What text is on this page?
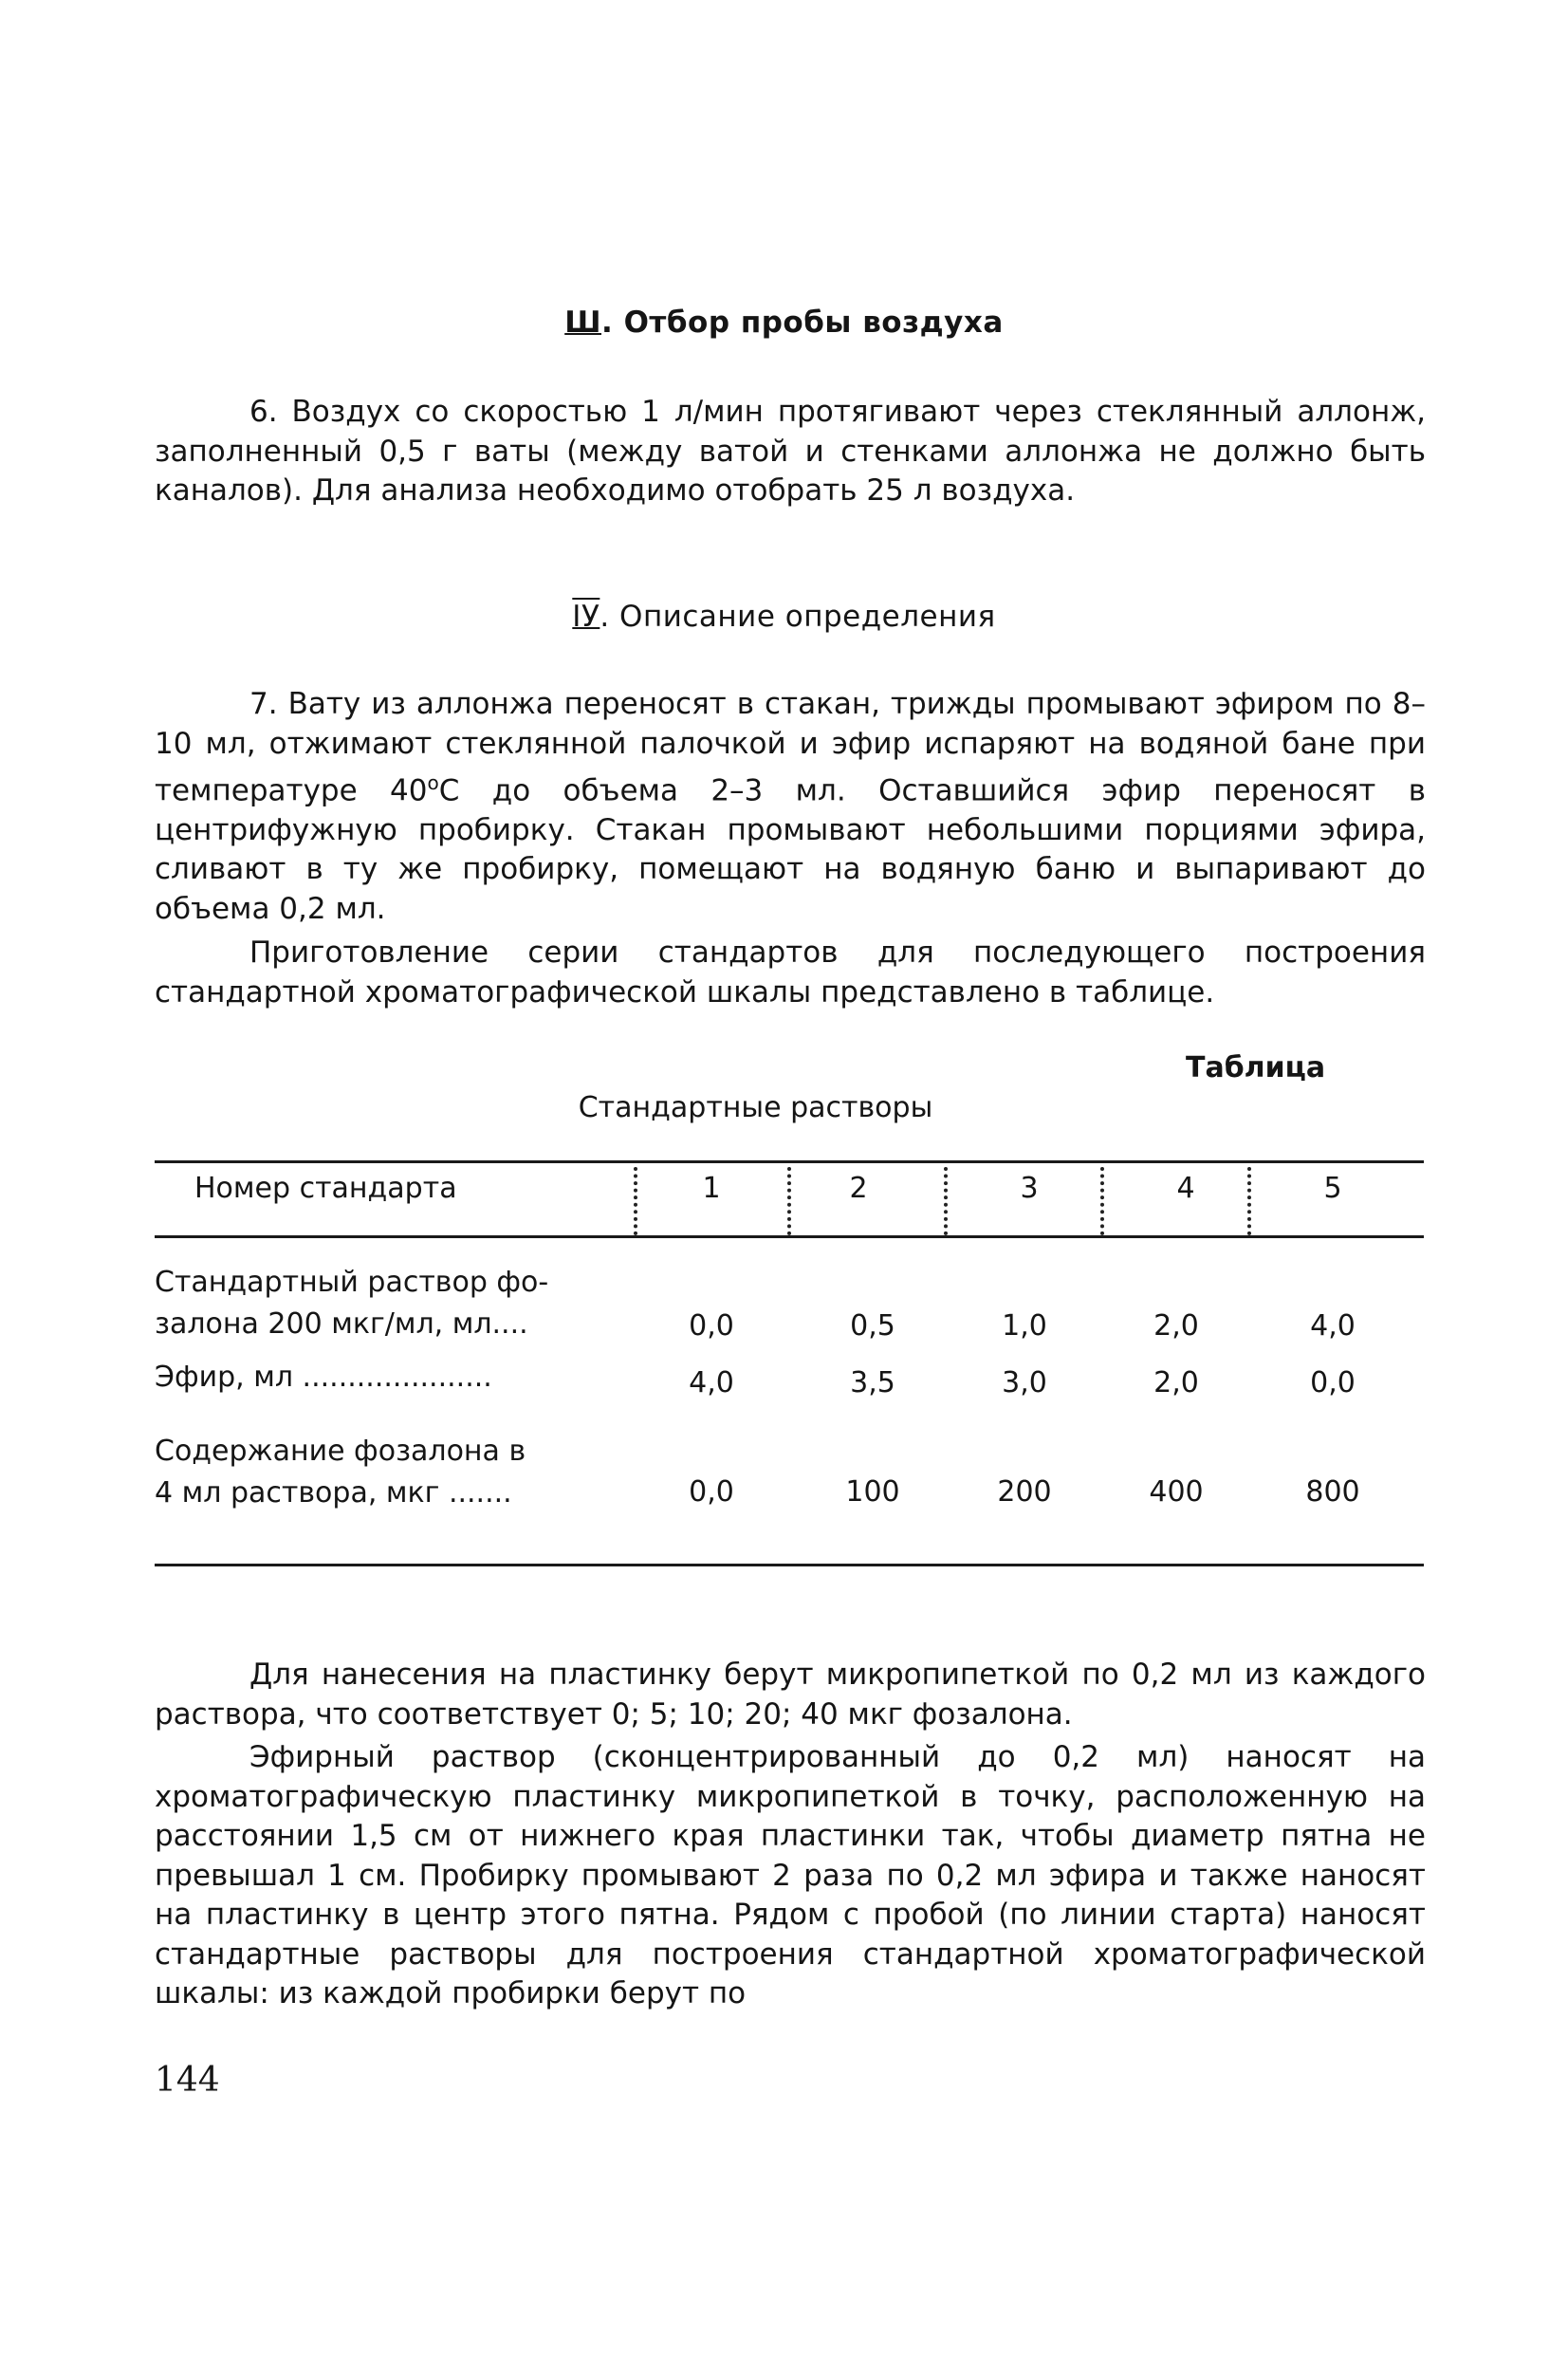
Ш. Отбор пробы воздуха
6. Воздух со скоростью 1 л/мин протягивают через стеклянный аллонж, заполненный 0,5 г ваты (между ватой и стенками аллонжа не должно быть каналов). Для анализа необходимо отобрать 25 л воздуха.
IУ. Описание определения
7. Вату из аллонжа переносят в стакан, трижды промывают эфиром по 8–10 мл, отжимают стеклянной палочкой и эфир испаряют на водяной бане при температуре $40^оС$ до объема 2–3 мл. Оставшийся эфир переносят в центрифужную пробирку. Стакан промывают небольшими порциями эфира, сливают в ту же пробирку, помещают на водяную баню и выпаривают до объема 0,2 мл.
Приготовление серии стандартов для последующего построения стандартной хроматографической шкалы представлено в таблице.
Таблица
Стандартные растворы
Номер стандарта	1	2	3	4	5
Стандартный раствор фо-
залона 200 мкг/мл, мл....	0,0	0,5	1,0	2,0	4,0
Эфир, мл .....................	4,0	3,5	3,0	2,0	0,0
Содержание фозалона в
4 мл раствора, мкг .......	0,0	100	200	400	800
Для нанесения на пластинку берут микропипеткой по 0,2 мл из каждого раствора, что соответствует 0; 5; 10; 20; 40 мкг фозалона.
Эфирный раствор (сконцентрированный до 0,2 мл) наносят на хроматографическую пластинку микропипеткой в точку, расположенную на расстоянии 1,5 см от нижнего края пластинки так, чтобы диаметр пятна не превышал 1 см. Пробирку промывают 2 раза по 0,2 мл эфира и также наносят на пластинку в центр этого пятна. Рядом с пробой (по линии старта) наносят стандартные растворы для построения стандартной хроматографической шкалы: из каждой пробирки берут по
144
